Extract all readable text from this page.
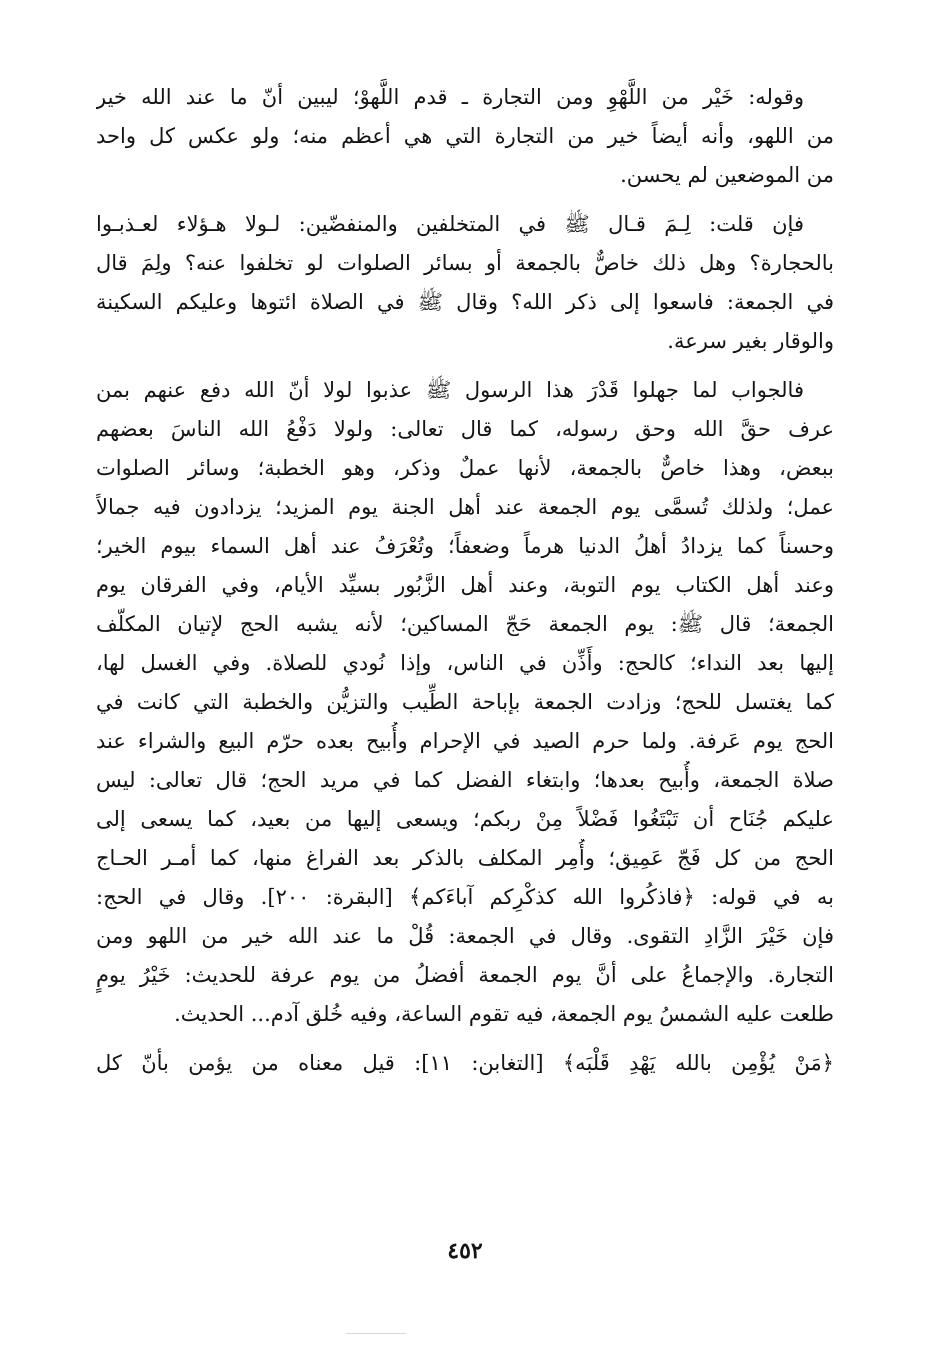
وقوله: خَيْر من اللَّهْوِ ومن التجارة ـ قدم اللَّهوْ؛ ليبين أنّ ما عند الله خير
من اللهو، وأنه أيضاً خير من التجارة التي هي أعظم منه؛ ولو عكس كل واحد
من الموضعين لم يحسن.
فإن قلت: لِـمَ قـال ﷺ في المتخلفين والمنفضّين: لـولا هـؤلاء لعـذبـوا
بالحجارة؟ وهل ذلك خاصٌّ بالجمعة أو بسائر الصلوات لو تخلفوا عنه؟ ولِمَ قال
في الجمعة: فاسعوا إلى ذكر الله؟ وقال ﷺ في الصلاة ائتوها وعليكم السكينة
والوقار بغير سرعة.
فالجواب لما جهلوا قَدْرَ هذا الرسول ﷺ عذبوا لولا أنّ الله دفع عنهم بمن
عرف حقَّ الله وحق رسوله، كما قال تعالى: ولولا دَفْعُ الله الناسَ بعضهم
ببعض، وهذا خاصٌّ بالجمعة، لأنها عملٌ وذكر، وهو الخطبة؛ وسائر الصلوات
عمل؛ ولذلك تُسمَّى يوم الجمعة عند أهل الجنة يوم المزيد؛ يزدادون فيه جمالاً
وحسناً كما يزدادُ أهلُ الدنيا هرماً وضعفاً؛ وتُعْرَفُ عند أهل السماء بيوم الخير؛
وعند أهل الكتاب يوم التوبة، وعند أهل الزَّبُور بسيِّد الأيام، وفي الفرقان يوم
الجمعة؛ قال ﷺ: يوم الجمعة حَجّ المساكين؛ لأنه يشبه الحج لإتيان المكلّف
إليها بعد النداء؛ كالحج: وأَذِّن في الناس، وإذا نُودي للصلاة. وفي الغسل لها،
كما يغتسل للحج؛ وزادت الجمعة بإباحة الطِّيب والتزيُّن والخطبة التي كانت في
الحج يوم عَرفة. ولما حرم الصيد في الإحرام وأُبيح بعده حرّم البيع والشراء عند
صلاة الجمعة، وأُبيح بعدها؛ وابتغاء الفضل كما في مريد الحج؛ قال تعالى: ليس
عليكم جُنَاح أن تَبْتَغُوا فَضْلاً مِنْ ربكم؛ ويسعى إليها من بعيد، كما يسعى إلى
الحج من كل فَجّ عَمِيق؛ وأُمِر المكلف بالذكر بعد الفراغ منها، كما أمـر الحـاج
به في قوله: ﴿فاذكُروا الله كذكْرِكم آباءَكم﴾ [البقرة: ٢٠٠]. وقال في الحج:
فإن خَيْرَ الزَّادِ التقوى. وقال في الجمعة: قُلْ ما عند الله خير من اللهو ومن
التجارة. والإجماعُ على أنَّ يوم الجمعة أفضلُ من يوم عرفة للحديث: خَيْرُ يومٍ
طلعت عليه الشمسُ يوم الجمعة، فيه تقوم الساعة، وفيه خُلق آدم... الحديث.
﴿مَنْ يُؤْمِن بالله يَهْدِ قَلْبَه﴾ [التغابن: ١١]: قيل معناه من يؤمن بأنّ كل
٤٥٢
